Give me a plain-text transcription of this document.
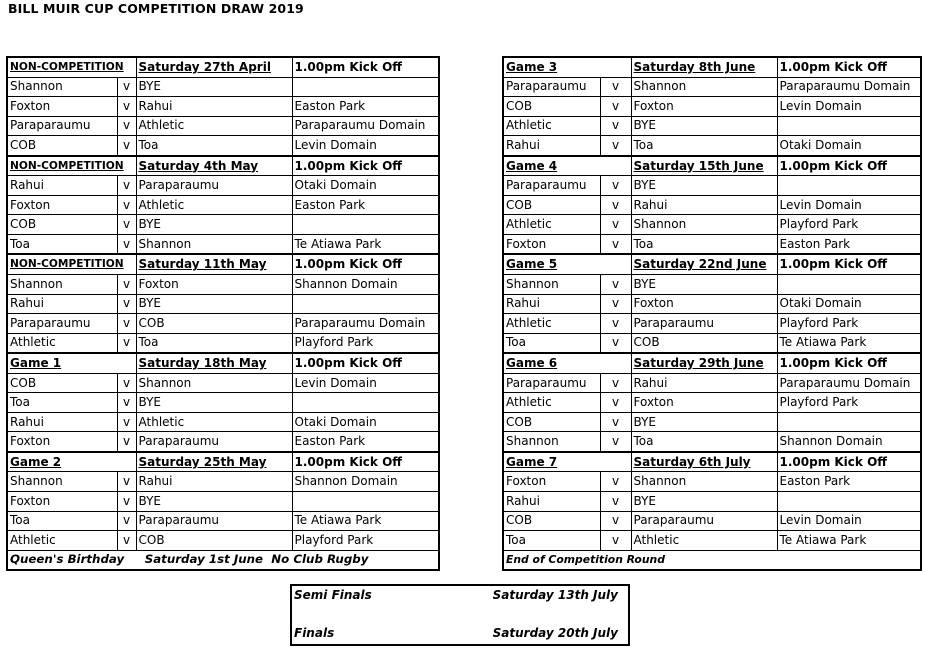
BILL MUIR CUP COMPETITION DRAW 2019
NON-COMPETITION		Saturday 27th April	1.00pm Kick Off
Shannon	v	BYE	
Foxton	v	Rahui	Easton Park
Paraparaumu	v	Athletic	Paraparaumu Domain
COB	v	Toa	Levin Domain
NON-COMPETITION		Saturday 4th May	1.00pm Kick Off
Rahui	v	Paraparaumu	Otaki Domain
Foxton	v	Athletic	Easton Park
COB	v	BYE	
Toa	v	Shannon	Te Atiawa Park
NON-COMPETITION		Saturday 11th May	1.00pm Kick Off
Shannon	v	Foxton	Shannon Domain
Rahui	v	BYE	
Paraparaumu	v	COB	Paraparaumu Domain
Athletic	v	Toa	Playford Park
Game 1		Saturday 18th May	1.00pm Kick Off
COB	v	Shannon	Levin Domain
Toa	v	BYE	
Rahui	v	Athletic	Otaki Domain
Foxton	v	Paraparaumu	Easton Park
Game 2		Saturday 25th May	1.00pm Kick Off
Shannon	v	Rahui	Shannon Domain
Foxton	v	BYE	
Toa	v	Paraparaumu	Te Atiawa Park
Athletic	v	COB	Playford Park
Queen's Birthday     Saturday 1st June  No Club Rugby			
Game 3		Saturday 8th June	1.00pm Kick Off
Paraparaumu	v	Shannon	Paraparaumu Domain
COB	v	Foxton	Levin Domain
Athletic	v	BYE	
Rahui	v	Toa	Otaki Domain
Game 4		Saturday 15th June	1.00pm Kick Off
Paraparaumu	v	BYE	
COB	v	Rahui	Levin Domain
Athletic	v	Shannon	Playford Park
Foxton	v	Toa	Easton Park
Game 5		Saturday 22nd June	1.00pm Kick Off
Shannon	v	BYE	
Rahui	v	Foxton	Otaki Domain
Athletic	v	Paraparaumu	Playford Park
Toa	v	COB	Te Atiawa Park
Game 6		Saturday 29th June	1.00pm Kick Off
Paraparaumu	v	Rahui	Paraparaumu Domain
Athletic	v	Foxton	Playford Park
COB	v	BYE	
Shannon	v	Toa	Shannon Domain
Game 7		Saturday 6th July	1.00pm Kick Off
Foxton	v	Shannon	Easton Park
Rahui	v	BYE	
COB	v	Paraparaumu	Levin Domain
Toa	v	Athletic	Te Atiawa Park
End of Competition Round			
Semi Finals	Saturday 13th July
Finals	Saturday 20th July
